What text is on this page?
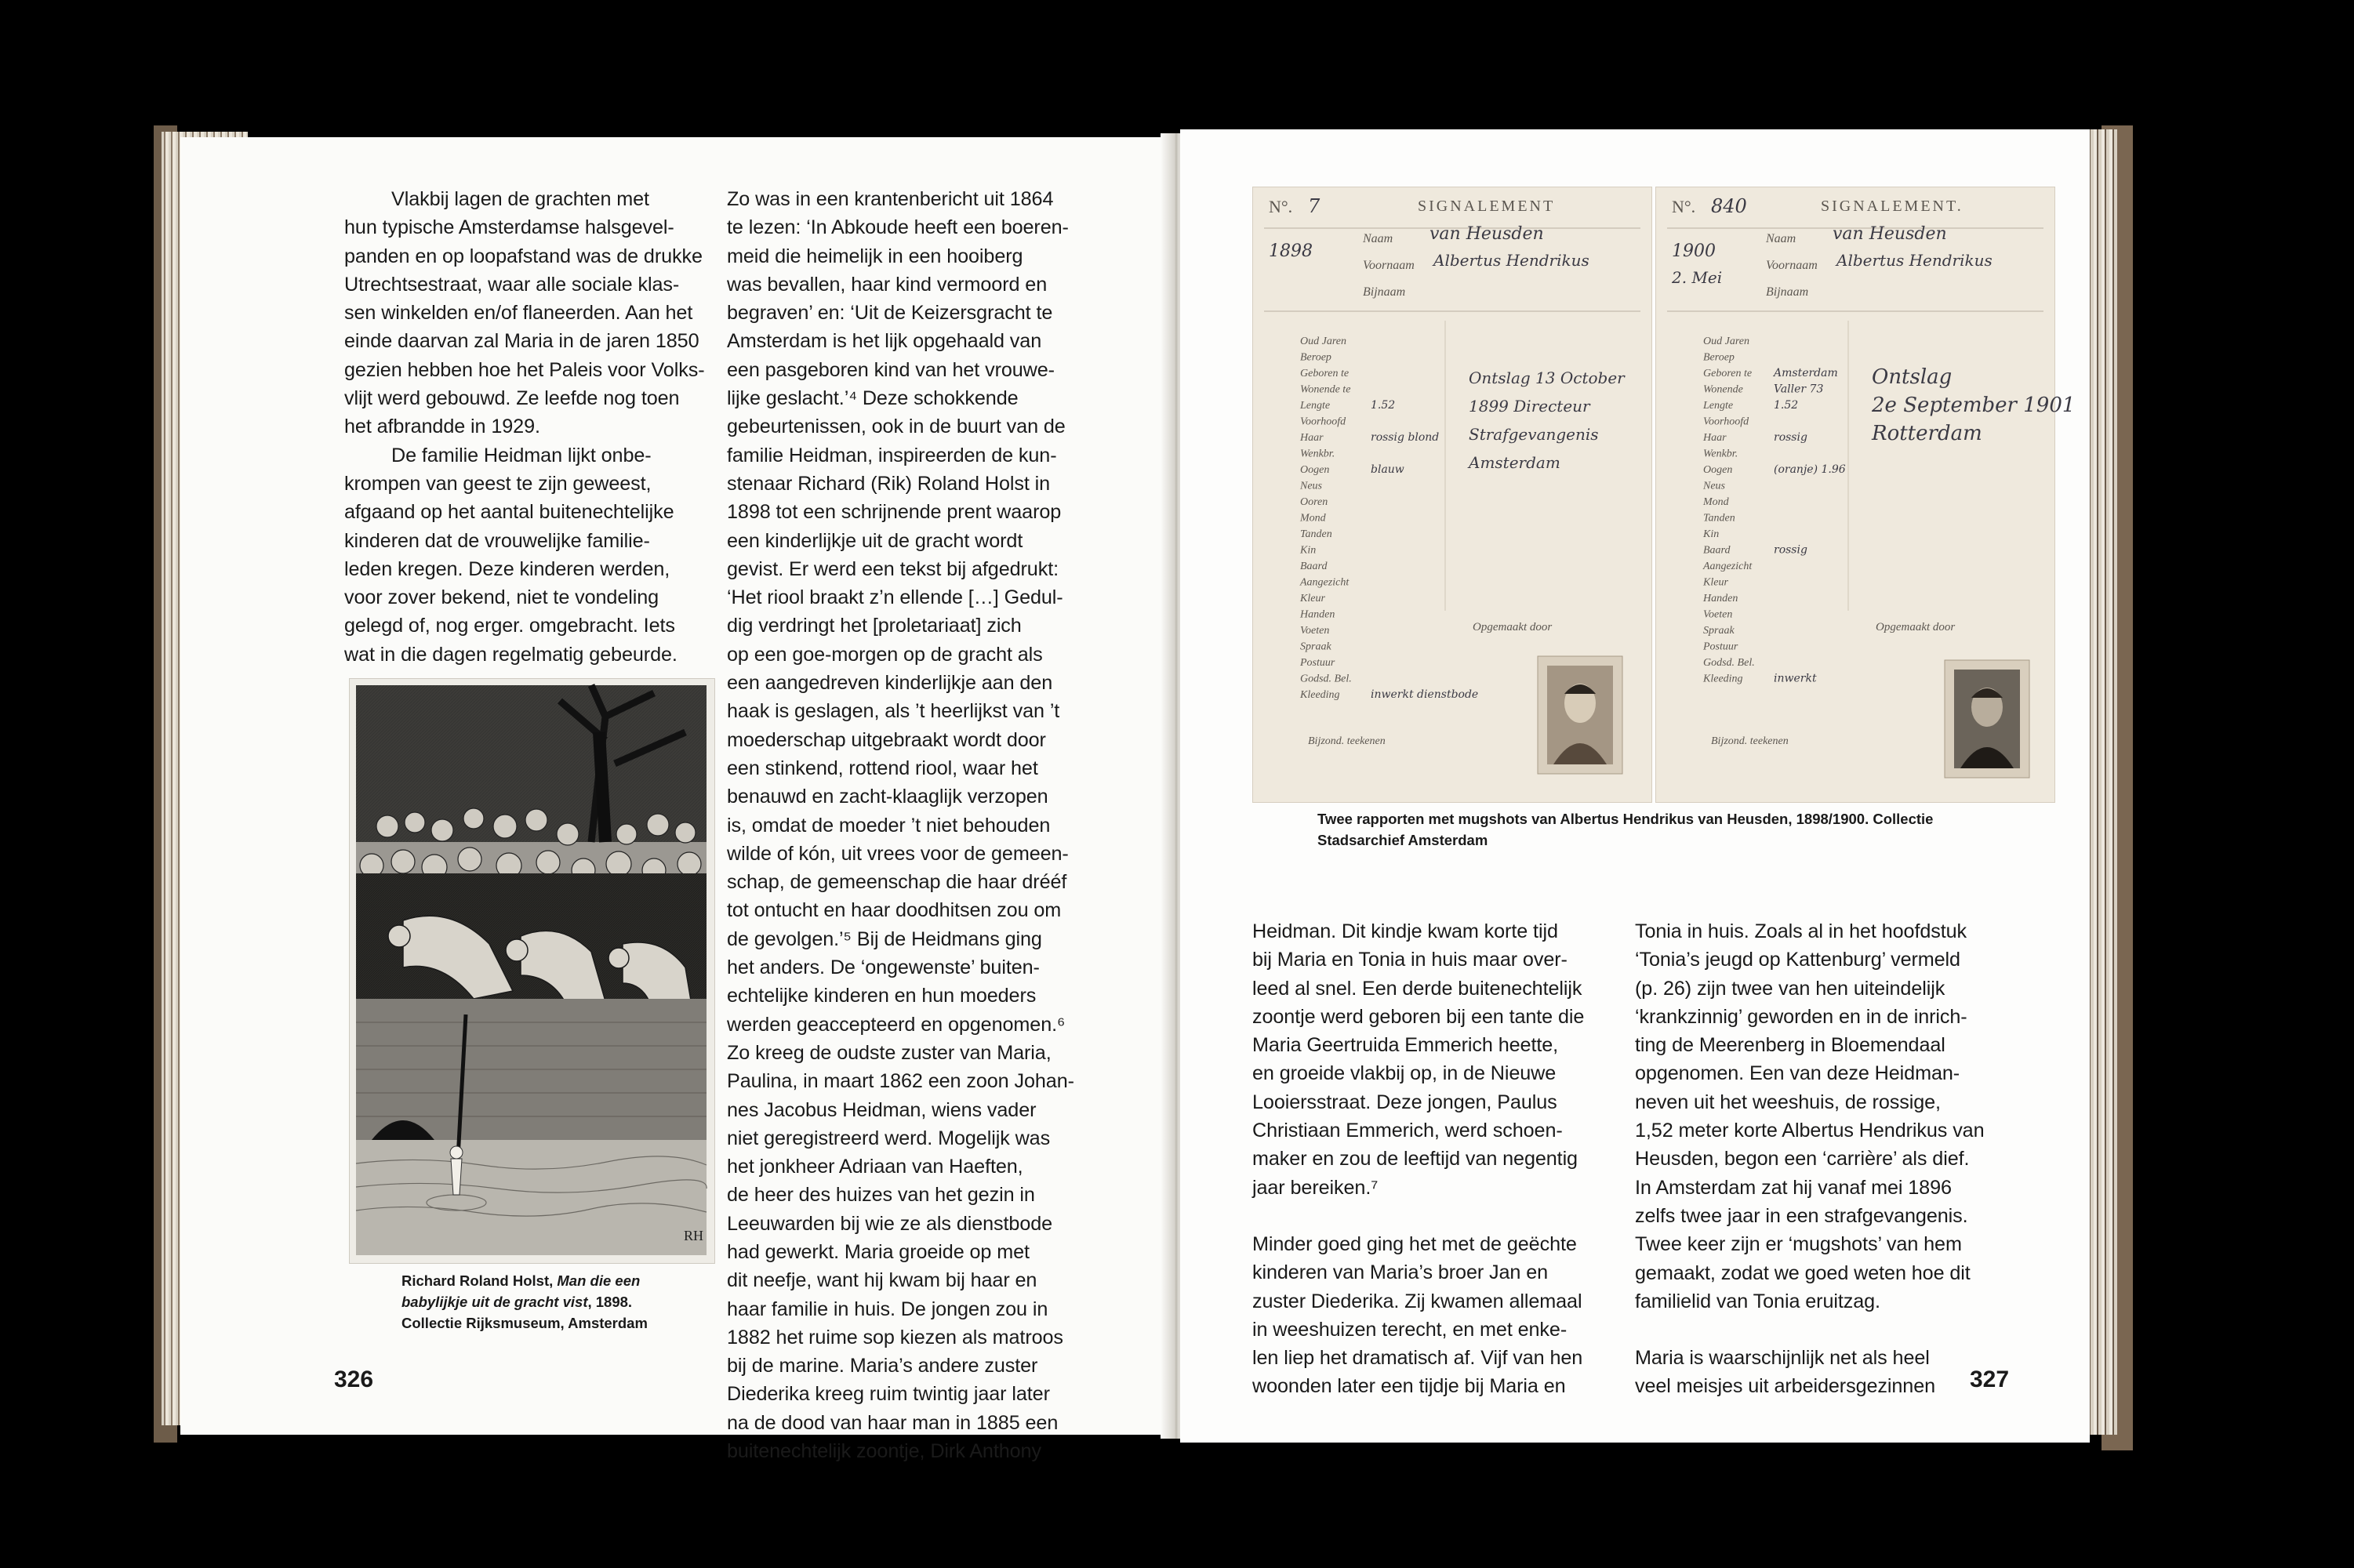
Vlakbij lagen de grachten met

hun typische Amsterdamse halsgevel-

panden en op loopafstand was de drukke

Utrechtsestraat, waar alle sociale klas-

sen winkelden en/of flaneerden. Aan het

einde daarvan zal Maria in de jaren 1850

gezien hebben hoe het Paleis voor Volks-

vlijt werd gebouwd. Ze leefde nog toen

het afbrandde in 1929.

De familie Heidman lijkt onbe-

krompen van geest te zijn geweest,

afgaand op het aantal buitenechtelijke

kinderen dat de vrouwelijke familie-

leden kregen. Deze kinderen werden,

voor zover bekend, niet te vondeling

gelegd of, nog erger. omgebracht. Iets

wat in die dagen regelmatig gebeurde.

Zo was in een krantenbericht uit 1864

te lezen: ‘In Abkoude heeft een boeren-

meid die heimelijk in een hooiberg

was bevallen, haar kind vermoord en

begraven’ en: ‘Uit de Keizersgracht te

Amsterdam is het lijk opgehaald van

een pasgeboren kind van het vrouwe-

lijke geslacht.’⁴ Deze schokkende

gebeurtenissen, ook in de buurt van de

familie Heidman, inspireerden de kun-

stenaar Richard (Rik) Roland Holst in

1898 tot een schrijnende prent waarop

een kinderlijkje uit de gracht wordt

gevist. Er werd een tekst bij afgedrukt:

‘Het riool braakt z’n ellende […] Gedul-

dig verdringt het [proletariaat] zich

op een goe-morgen op de gracht als

een aangedreven kinderlijkje aan den

haak is geslagen, als ’t heerlijkst van ’t

moederschap uitgebraakt wordt door

een stinkend, rottend riool, waar het

benauwd en zacht-klaaglijk verzopen

is, omdat de moeder ’t niet behouden

wilde of kón, uit vrees voor de gemeen-

schap, de gemeenschap die haar drééf

tot ontucht en haar doodhitsen zou om

de gevolgen.’⁵ Bij de Heidmans ging

het anders. De ‘ongewenste’ buiten-

echtelijke kinderen en hun moeders

werden geaccepteerd en opgenomen.⁶

Zo kreeg de oudste zuster van Maria,

Paulina, in maart 1862 een zoon Johan-

nes Jacobus Heidman, wiens vader

niet geregistreerd werd. Mogelijk was

het jonkheer Adriaan van Haeften,

de heer des huizes van het gezin in

Leeuwarden bij wie ze als dienstbode

had gewerkt. Maria groeide op met

dit neefje, want hij kwam bij haar en

haar familie in huis. De jongen zou in

1882 het ruime sop kiezen als matroos

bij de marine. Maria’s andere zuster

Diederika kreeg ruim twintig jaar later

na de dood van haar man in 1885 een

buitenechtelijk zoontje, Dirk Anthony

RH
Richard Roland Holst, Man die een
babylijkje uit de gracht vist, 1898.
Collectie Rijksmuseum, Amsterdam
326
N°. 7	SIGNALEMENT
1898
Naam van Heusden
Voornaam Albertus Hendrikus
Bijnaam
Oud Jaren
Beroep
Geboren te
Wonende te
Lengte	1.52
Voorhoofd
Haar	rossig blond
Wenkbr.
Oogen	blauw
Neus
Ooren
Mond
Tanden
Kin
Baard
Aangezicht
Kleur
Handen
Voeten
Spraak
Postuur
Godsd. Bel.
Kleeding	inwerkt dienstbode
Ontslag 13 October
1899 Directeur
Strafgevangenis
Amsterdam
Opgemaakt door
Bijzond. teekenen
N°. 840	SIGNALEMENT.
1900
2. Mei
Naam van Heusden
Voornaam Albertus Hendrikus
Bijnaam
Oud Jaren
Beroep
Geboren te Amsterdam
Wonende	Valler 73
Lengte	1.52
Voorhoofd
Haar	rossig
Wenkbr.
Oogen	(oranje) 1.96
Neus
Mond
Tanden
Kin
Baard	rossig
Aangezicht
Kleur
Handen
Voeten
Spraak
Postuur
Godsd. Bel.
Kleeding	inwerkt
Ontslag
2e September 1901
Rotterdam
Opgemaakt door
Bijzond. teekenen
Twee rapporten met mugshots van Albertus Hendrikus van Heusden, 1898/1900. Collectie
Stadsarchief Amsterdam

Heidman. Dit kindje kwam korte tijd

bij Maria en Tonia in huis maar over-

leed al snel. Een derde buitenechtelijk

zoontje werd geboren bij een tante die

Maria Geertruida Emmerich heette,

en groeide vlakbij op, in de Nieuwe

Looiersstraat. Deze jongen, Paulus

Christiaan Emmerich, werd schoen-

maker en zou de leeftijd van negentig

jaar bereiken.⁷

Minder goed ging het met de geëchte

kinderen van Maria’s broer Jan en

zuster Diederika. Zij kwamen allemaal

in weeshuizen terecht, en met enke-

len liep het dramatisch af. Vijf van hen

woonden later een tijdje bij Maria en

Tonia in huis. Zoals al in het hoofdstuk

‘Tonia’s jeugd op Kattenburg’ vermeld

(p. 26) zijn twee van hen uiteindelijk

‘krankzinnig’ geworden en in de inrich-

ting de Meerenberg in Bloemendaal

opgenomen. Een van deze Heidman-

neven uit het weeshuis, de rossige,

1,52 meter korte Albertus Hendrikus van

Heusden, begon een ‘carrière’ als dief.

In Amsterdam zat hij vanaf mei 1896

zelfs twee jaar in een strafgevangenis.

Twee keer zijn er ‘mugshots’ van hem

gemaakt, zodat we goed weten hoe dit

familielid van Tonia eruitzag.

Maria is waarschijnlijk net als heel

veel meisjes uit arbeidersgezinnen	327
